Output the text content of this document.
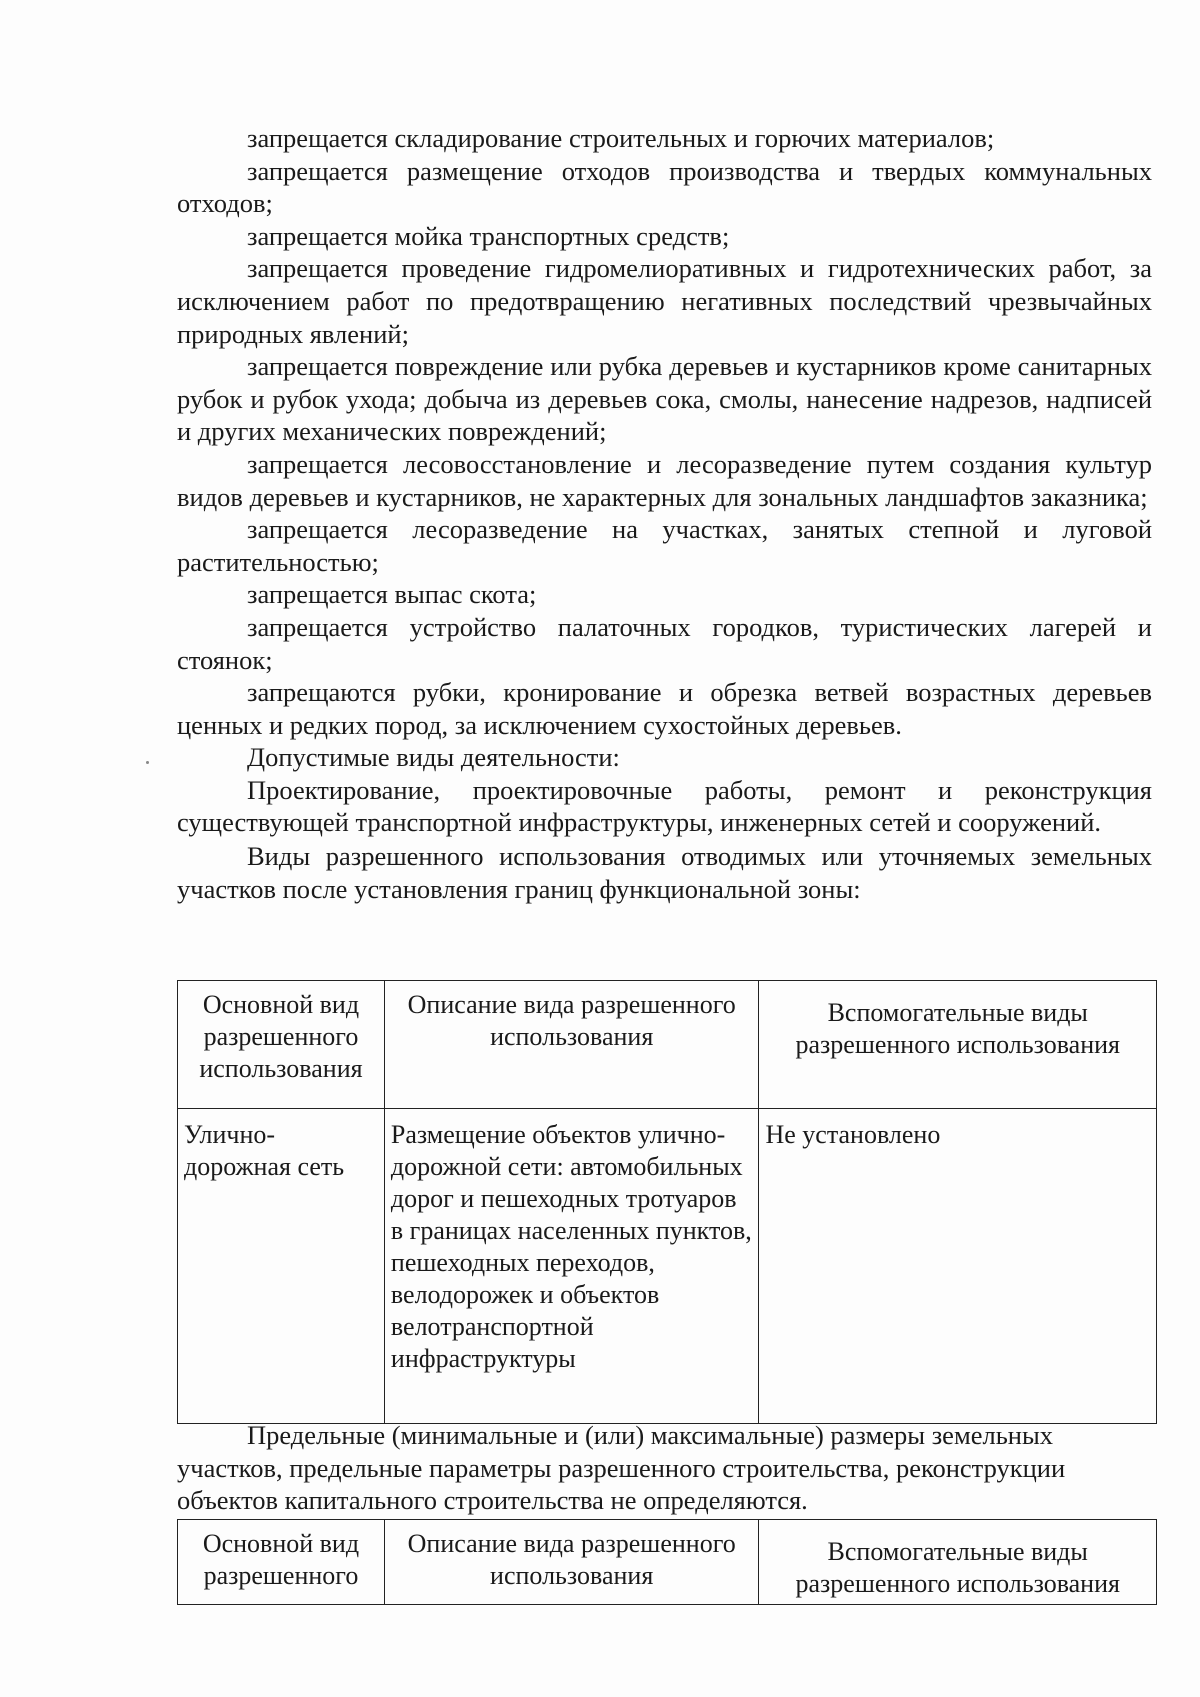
запрещается складирование строительных и горючих материалов;

запрещается размещение отходов производства и твердых коммунальных отходов;

запрещается мойка транспортных средств;

запрещается проведение гидромелиоративных и гидротехнических работ, за исключением работ по предотвращению негативных последствий чрезвычайных природных явлений;

запрещается повреждение или рубка деревьев и кустарников кроме санитарных рубок и рубок ухода; добыча из деревьев сока, смолы, нанесение надрезов, надписей и других механических повреждений;

запрещается лесовосстановление и лесоразведение путем создания культур видов деревьев и кустарников, не характерных для зональных ландшафтов заказника;

запрещается лесоразведение на участках, занятых степной и луговой растительностью;

запрещается выпас скота;

запрещается устройство палаточных городков, туристических лагерей и стоянок;

запрещаются рубки, кронирование и обрезка ветвей возрастных деревьев ценных и редких пород, за исключением сухостойных деревьев.

Допустимые виды деятельности:

Проектирование, проектировочные работы, ремонт и реконструкция существующей транспортной инфраструктуры, инженерных сетей и сооружений.

Виды разрешенного использования отводимых или уточняемых земельных участков после установления границ функциональной зоны:

Основной вид разрешенного использования	Описание вида разрешенного использования	Вспомогательные виды разрешенного использования
Улично-дорожная сеть	Размещение объектов улично-дорожной сети: автомобильных дорог и пешеходных тротуаров в границах населенных пунктов, пешеходных переходов, велодорожек и объектов велотранспортной инфраструктуры	Не установлено

Предельные (минимальные и (или) максимальные) размеры земельных участков, предельные параметры разрешенного строительства, реконструкции объектов капитального строительства не определяются.

Основной вид разрешенного	Описание вида разрешенного использования	Вспомогательные виды разрешенного использования
